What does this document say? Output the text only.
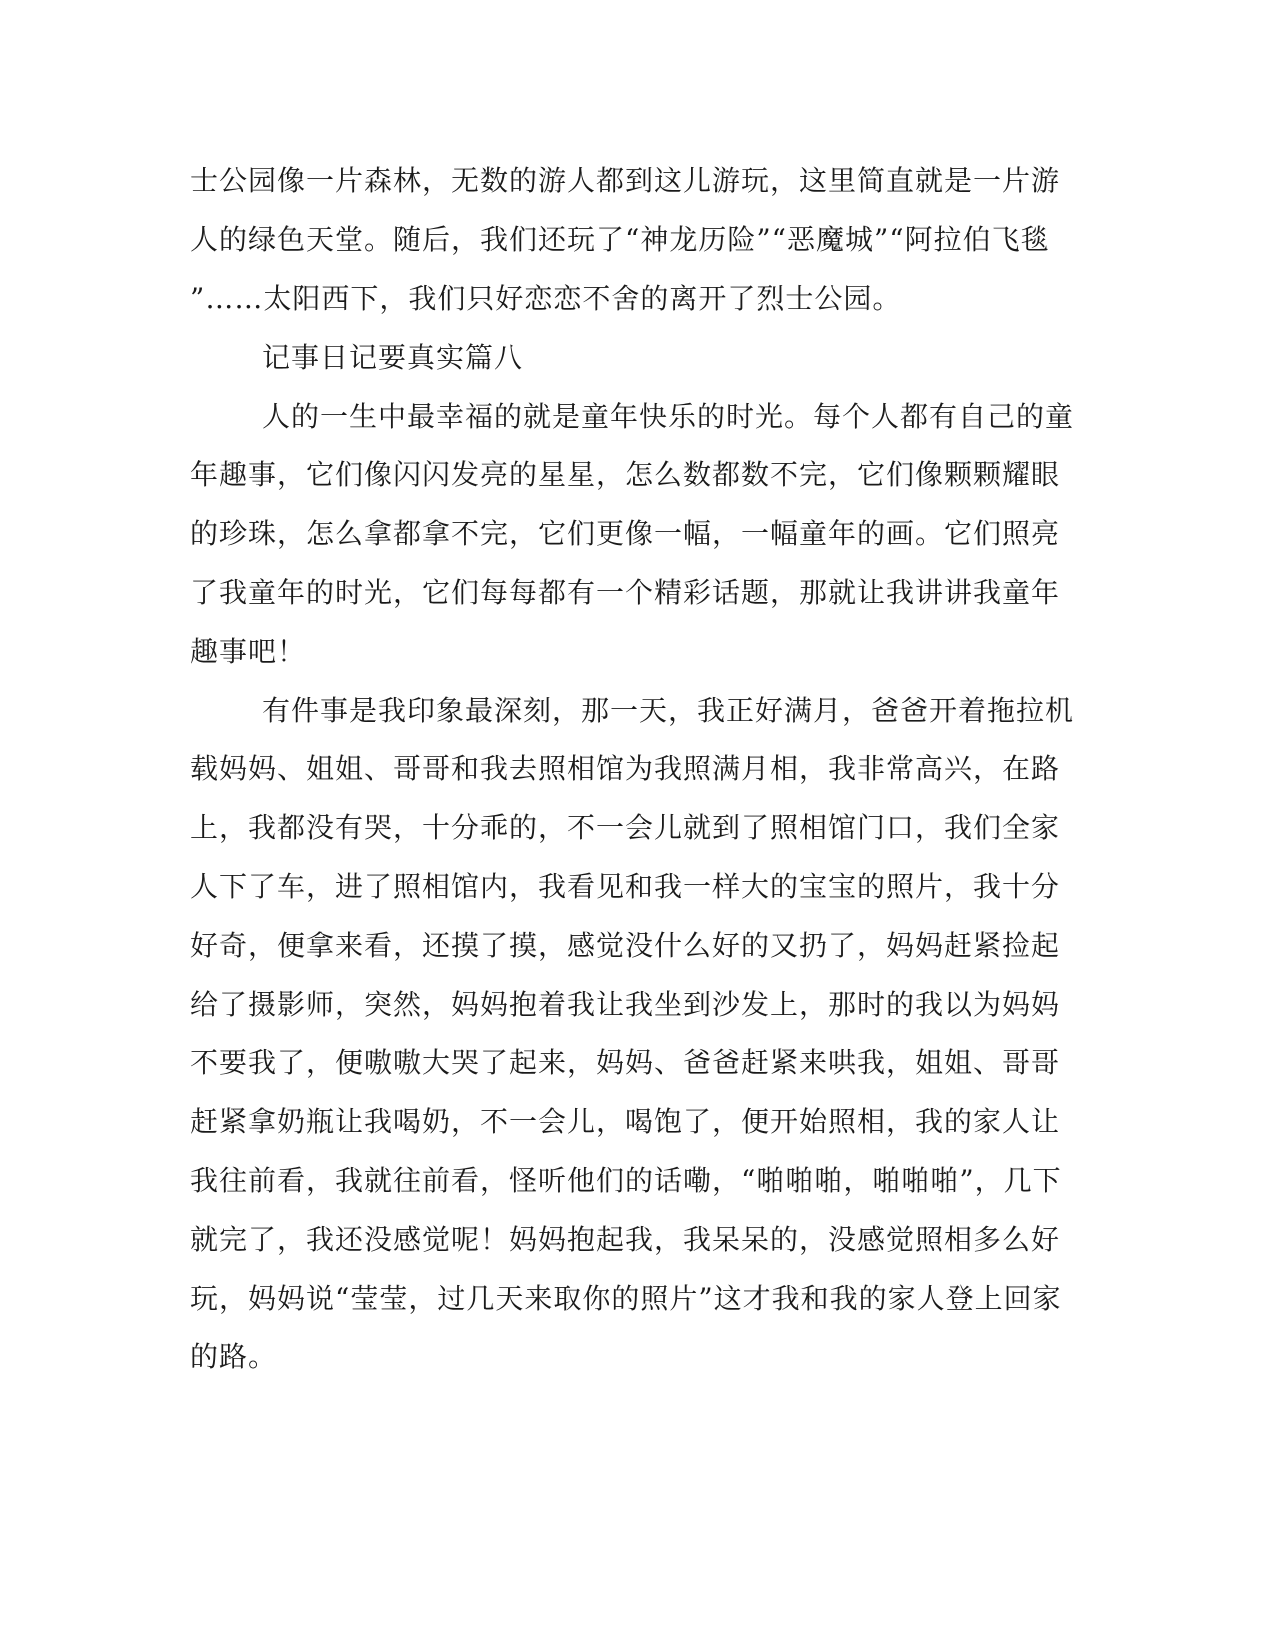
士公园像一片森林，无数的游人都到这儿游玩，这里简直就是一片游
人的绿色天堂。随后，我们还玩了“神龙历险”“恶魔城”“阿拉伯飞毯
”……太阳西下，我们只好恋恋不舍的离开了烈士公园。
记事日记要真实篇八
人的一生中最幸福的就是童年快乐的时光。每个人都有自己的童
年趣事，它们像闪闪发亮的星星，怎么数都数不完，它们像颗颗耀眼
的珍珠，怎么拿都拿不完，它们更像一幅，一幅童年的画。它们照亮
了我童年的时光，它们每每都有一个精彩话题，那就让我讲讲我童年
趣事吧！
有件事是我印象最深刻，那一天，我正好满月，爸爸开着拖拉机
载妈妈、姐姐、哥哥和我去照相馆为我照满月相，我非常高兴，在路
上，我都没有哭，十分乖的，不一会儿就到了照相馆门口，我们全家
人下了车，进了照相馆内，我看见和我一样大的宝宝的照片，我十分
好奇，便拿来看，还摸了摸，感觉没什么好的又扔了，妈妈赶紧捡起
给了摄影师，突然，妈妈抱着我让我坐到沙发上，那时的我以为妈妈
不要我了，便嗷嗷大哭了起来，妈妈、爸爸赶紧来哄我，姐姐、哥哥
赶紧拿奶瓶让我喝奶，不一会儿，喝饱了，便开始照相，我的家人让
我往前看，我就往前看，怪听他们的话嘞，“啪啪啪，啪啪啪”，几下
就完了，我还没感觉呢！妈妈抱起我，我呆呆的，没感觉照相多么好
玩，妈妈说“莹莹，过几天来取你的照片”这才我和我的家人登上回家
的路。
